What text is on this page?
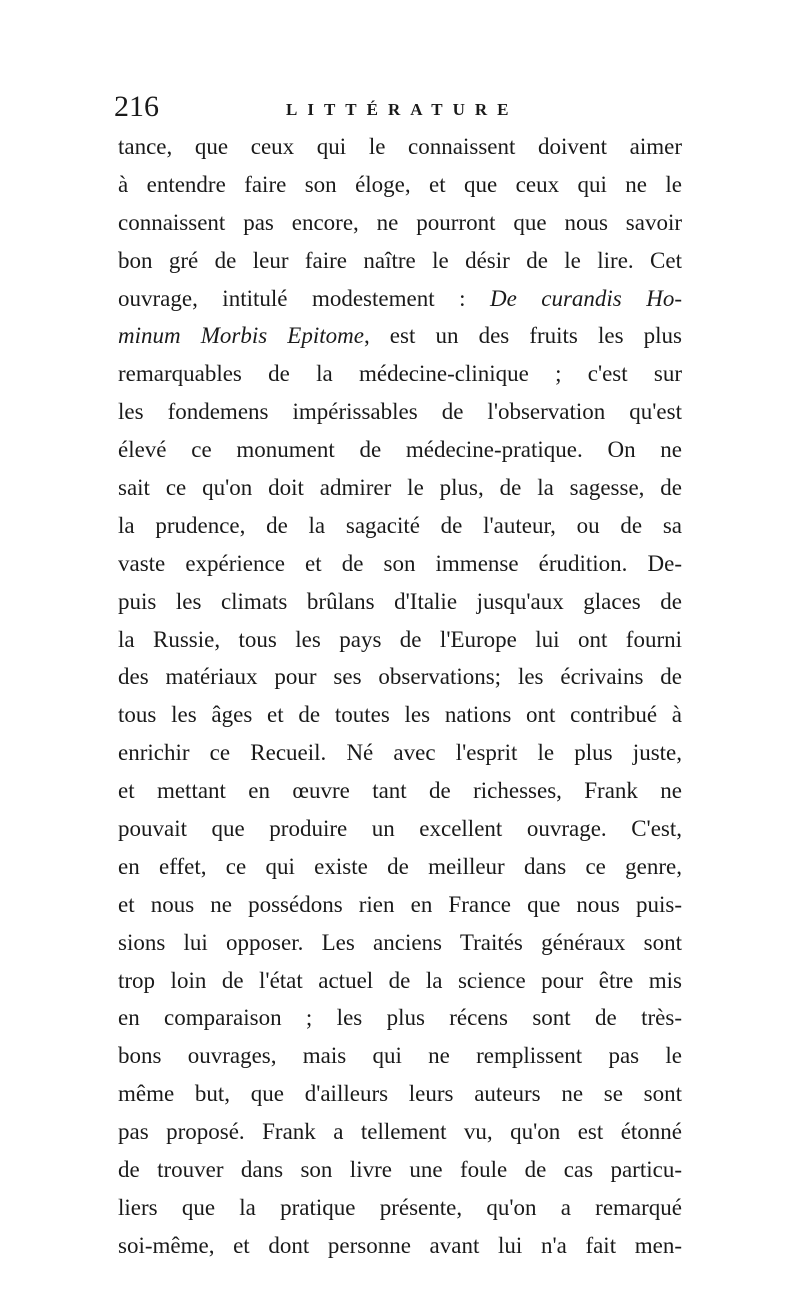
216	LITTÉRATURE
tance, que ceux qui le connaissent doivent aimer
à entendre faire son éloge, et que ceux qui ne le
connaissent pas encore, ne pourront que nous savoir
bon gré de leur faire naître le désir de le lire. Cet
ouvrage, intitulé modestement : De curandis Ho-
minum Morbis Epitome, est un des fruits les plus
remarquables de la médecine-clinique ; c'est sur
les fondemens impérissables de l'observation qu'est
élevé ce monument de médecine-pratique. On ne
sait ce qu'on doit admirer le plus, de la sagesse, de
la prudence, de la sagacité de l'auteur, ou de sa
vaste expérience et de son immense érudition. De-
puis les climats brûlans d'Italie jusqu'aux glaces de
la Russie, tous les pays de l'Europe lui ont fourni
des matériaux pour ses observations; les écrivains de
tous les âges et de toutes les nations ont contribué à
enrichir ce Recueil. Né avec l'esprit le plus juste,
et mettant en œuvre tant de richesses, Frank ne
pouvait que produire un excellent ouvrage. C'est,
en effet, ce qui existe de meilleur dans ce genre,
et nous ne possédons rien en France que nous puis-
sions lui opposer. Les anciens Traités généraux sont
trop loin de l'état actuel de la science pour être mis
en comparaison ; les plus récens sont de très-
bons ouvrages, mais qui ne remplissent pas le
même but, que d'ailleurs leurs auteurs ne se sont
pas proposé. Frank a tellement vu, qu'on est étonné
de trouver dans son livre une foule de cas particu-
liers que la pratique présente, qu'on a remarqué
soi-même, et dont personne avant lui n'a fait men-
